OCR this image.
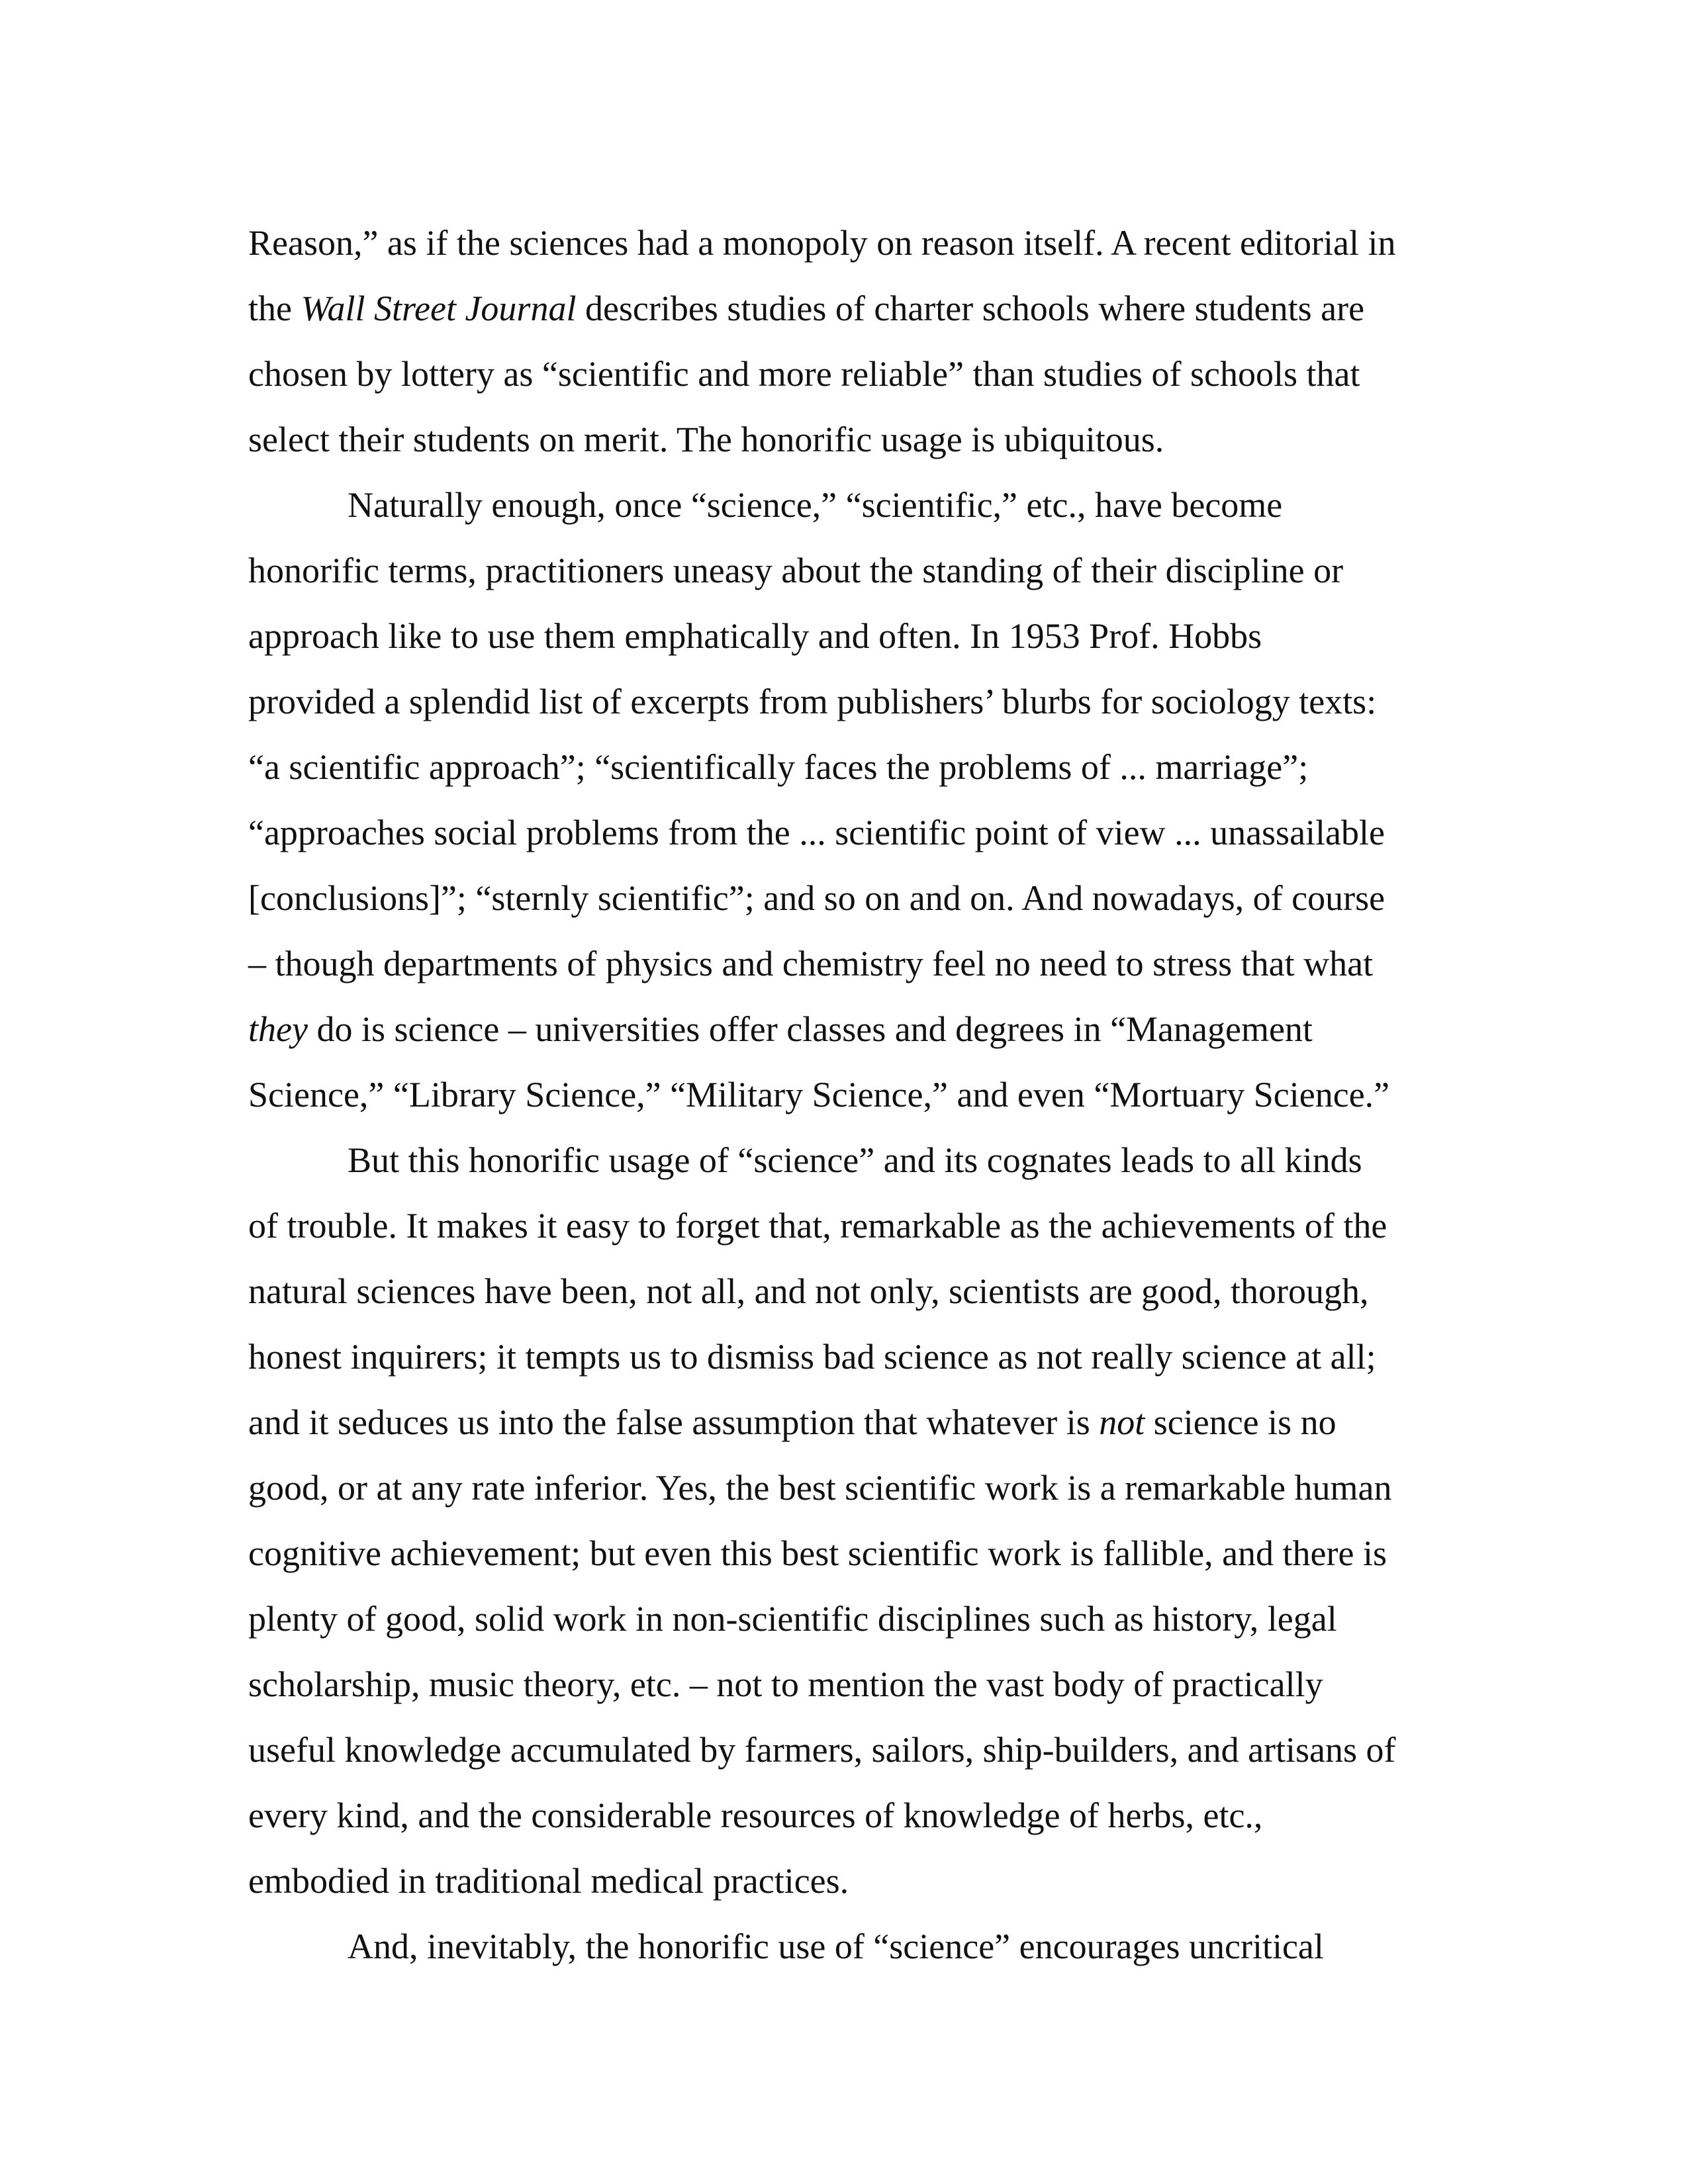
Reason,” as if the sciences had a monopoly on reason itself. A recent editorial in
the Wall Street Journal describes studies of charter schools where students are
chosen by lottery as “scientific and more reliable” than studies of schools that
select their students on merit. The honorific usage is ubiquitous.
Naturally enough, once “science,” “scientific,” etc., have become
honorific terms, practitioners uneasy about the standing of their discipline or
approach like to use them emphatically and often. In 1953 Prof. Hobbs
provided a splendid list of excerpts from publishers’ blurbs for sociology texts:
“a scientific approach”; “scientifically faces the problems of ... marriage”;
“approaches social problems from the ... scientific point of view ... unassailable
[conclusions]”; “sternly scientific”; and so on and on. And nowadays, of course
– though departments of physics and chemistry feel no need to stress that what
they do is science – universities offer classes and degrees in “Management
Science,” “Library Science,” “Military Science,” and even “Mortuary Science.”
But this honorific usage of “science” and its cognates leads to all kinds
of trouble. It makes it easy to forget that, remarkable as the achievements of the
natural sciences have been, not all, and not only, scientists are good, thorough,
honest inquirers; it tempts us to dismiss bad science as not really science at all;
and it seduces us into the false assumption that whatever is not science is no
good, or at any rate inferior. Yes, the best scientific work is a remarkable human
cognitive achievement; but even this best scientific work is fallible, and there is
plenty of good, solid work in non-scientific disciplines such as history, legal
scholarship, music theory, etc. – not to mention the vast body of practically
useful knowledge accumulated by farmers, sailors, ship-builders, and artisans of
every kind, and the considerable resources of knowledge of herbs, etc.,
embodied in traditional medical practices.
And, inevitably, the honorific use of “science” encourages uncritical
